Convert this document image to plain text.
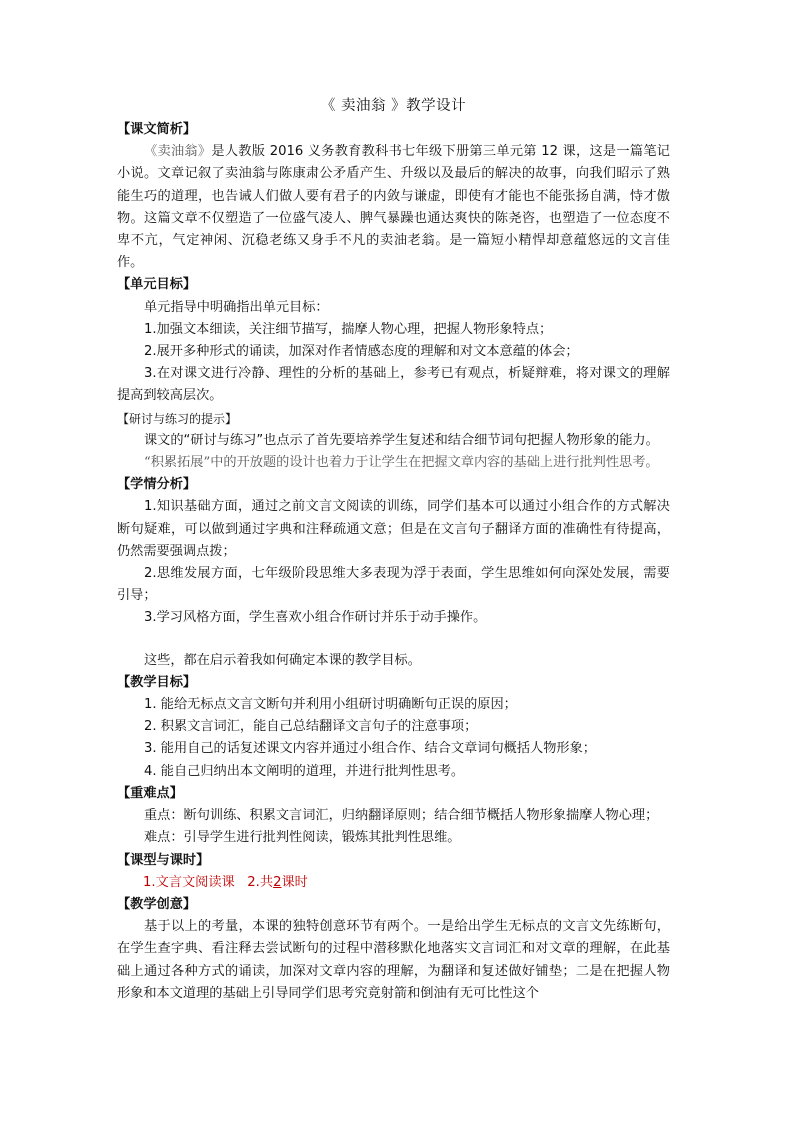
《 卖油翁 》教学设计
【课文简析】

《卖油翁》是人教版 2016 义务教育教科书七年级下册第三单元第 12 课，这是一篇笔记小说。文章记叙了卖油翁与陈康肃公矛盾产生、升级以及最后的解决的故事，向我们昭示了熟能生巧的道理，也告诫人们做人要有君子的内敛与谦虚，即使有才能也不能张扬自满，恃才傲物。这篇文章不仅塑造了一位盛气凌人、脾气暴躁也通达爽快的陈尧咨，也塑造了一位态度不卑不亢，气定神闲、沉稳老练又身手不凡的卖油老翁。是一篇短小精悍却意蕴悠远的文言佳作。

【单元目标】

单元指导中明确指出单元目标：

1.加强文本细读，关注细节描写，揣摩人物心理，把握人物形象特点；

2.展开多种形式的诵读，加深对作者情感态度的理解和对文本意蕴的体会；

3.在对课文进行冷静、理性的分析的基础上，参考已有观点，析疑辩难，将对课文的理解提高到较高层次。

【研讨与练习的提示】

课文的“研讨与练习”也点示了首先要培养学生复述和结合细节词句把握人物形象的能力。

“积累拓展”中的开放题的设计也着力于让学生在把握文章内容的基础上进行批判性思考。

【学情分析】

1.知识基础方面，通过之前文言文阅读的训练，同学们基本可以通过小组合作的方式解决断句疑难，可以做到通过字典和注释疏通文意；但是在文言句子翻译方面的准确性有待提高，仍然需要强调点拨；

2.思维发展方面，七年级阶段思维大多表现为浮于表面，学生思维如何向深处发展，需要引导；

3.学习风格方面，学生喜欢小组合作研讨并乐于动手操作。

这些，都在启示着我如何确定本课的教学目标。

【教学目标】

1. 能给无标点文言文断句并利用小组研讨明确断句正误的原因；

2. 积累文言词汇，能自己总结翻译文言句子的注意事项；

3. 能用自己的话复述课文内容并通过小组合作、结合文章词句概括人物形象；

4. 能自己归纳出本文阐明的道理，并进行批判性思考。

【重难点】

重点：断句训练、积累文言词汇，归纳翻译原则；结合细节概括人物形象揣摩人物心理；

难点：引导学生进行批判性阅读，锻炼其批判性思维。

【课型与课时】

1.文言文阅读课 2.共2课时

【教学创意】

基于以上的考量，本课的独特创意环节有两个。一是给出学生无标点的文言文先练断句，在学生查字典、看注释去尝试断句的过程中潜移默化地落实文言词汇和对文章的理解，在此基础上通过各种方式的诵读，加深对文章内容的理解，为翻译和复述做好铺垫；二是在把握人物形象和本文道理的基础上引导同学们思考究竟射箭和倒油有无可比性这个
